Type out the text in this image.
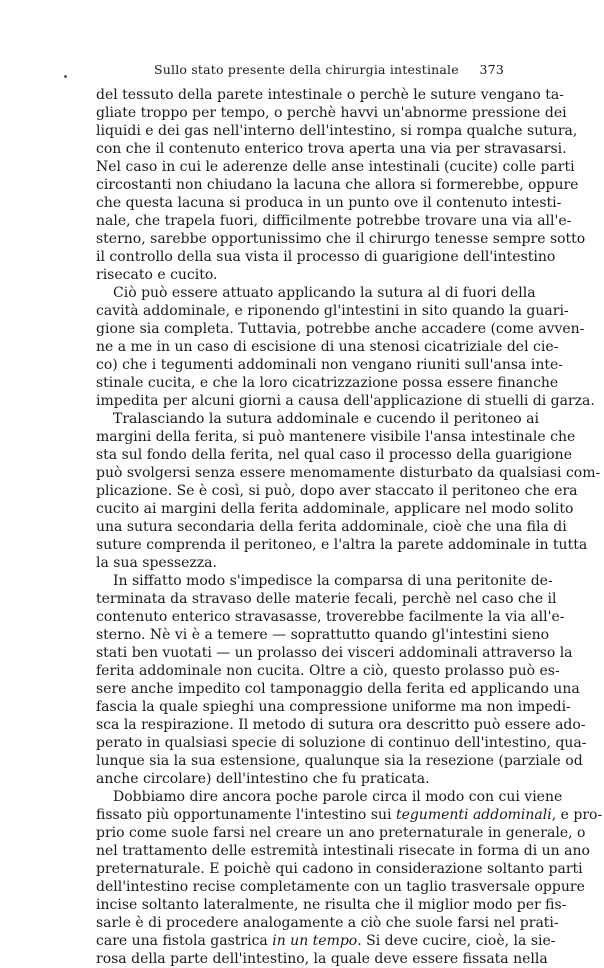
Sullo stato presente della chirurgia intestinale 373
del tessuto della parete intestinale o perchè le suture vengano ta-
gliate troppo per tempo, o perchè havvi un'abnorme pressione dei
liquidi e dei gas nell'interno dell'intestino, si rompa qualche sutura,
con che il contenuto enterico trova aperta una via per stravasarsi.
Nel caso in cui le aderenze delle anse intestinali (cucite) colle parti
circostanti non chiudano la lacuna che allora si formerebbe, oppure
che questa lacuna si produca in un punto ove il contenuto intesti-
nale, che trapela fuori, difficilmente potrebbe trovare una via all'e-
sterno, sarebbe opportunissimo che il chirurgo tenesse sempre sotto
il controllo della sua vista il processo di guarigione dell'intestino
risecato e cucito.
Ciò può essere attuato applicando la sutura al di fuori della
cavità addominale, e riponendo gl'intestini in sito quando la guari-
gione sia completa. Tuttavia, potrebbe anche accadere (come avven-
ne a me in un caso di escisione di una stenosi cicatriziale del cie-
co) che i tegumenti addominali non vengano riuniti sull'ansa inte-
stinale cucita, e che la loro cicatrizzazione possa essere finanche
impedita per alcuni giorni a causa dell'applicazione di stuelli di garza.
Tralasciando la sutura addominale e cucendo il peritoneo ai
margini della ferita, si può mantenere visibile l'ansa intestinale che
sta sul fondo della ferita, nel qual caso il processo della guarigione
può svolgersi senza essere menomamente disturbato da qualsiasi com-
plicazione. Se è così, si può, dopo aver staccato il peritoneo che era
cucito ai margini della ferita addominale, applicare nel modo solito
una sutura secondaria della ferita addominale, cioè che una fila di
suture comprenda il peritoneo, e l'altra la parete addominale in tutta
la sua spessezza.
In siffatto modo s'impedisce la comparsa di una peritonite de-
terminata da stravaso delle materie fecali, perchè nel caso che il
contenuto enterico stravasasse, troverebbe facilmente la via all'e-
sterno. Nè vi è a temere — soprattutto quando gl'intestini sieno
stati ben vuotati — un prolasso dei visceri addominali attraverso la
ferita addominale non cucita. Oltre a ciò, questo prolasso può es-
sere anche impedito col tamponaggio della ferita ed applicando una
fascia la quale spieghi una compressione uniforme ma non impedi-
sca la respirazione. Il metodo di sutura ora descritto può essere ado-
perato in qualsiasi specie di soluzione di continuo dell'intestino, qua-
lunque sia la sua estensione, qualunque sia la resezione (parziale od
anche circolare) dell'intestino che fu praticata.
Dobbiamo dire ancora poche parole circa il modo con cui viene
fissato più opportunamente l'intestino sui tegumenti addominali, e pro-
prio come suole farsi nel creare un ano preternaturale in generale, o
nel trattamento delle estremità intestinali risecate in forma di un ano
preternaturale. E poichè qui cadono in considerazione soltanto parti
dell'intestino recise completamente con un taglio trasversale oppure
incise soltanto lateralmente, ne risulta che il miglior modo per fis-
sarle è di procedere analogamente a ciò che suole farsi nel prati-
care una fistola gastrica in un tempo. Si deve cucire, cioè, la sie-
rosa della parte dell'intestino, la quale deve essere fissata nella
